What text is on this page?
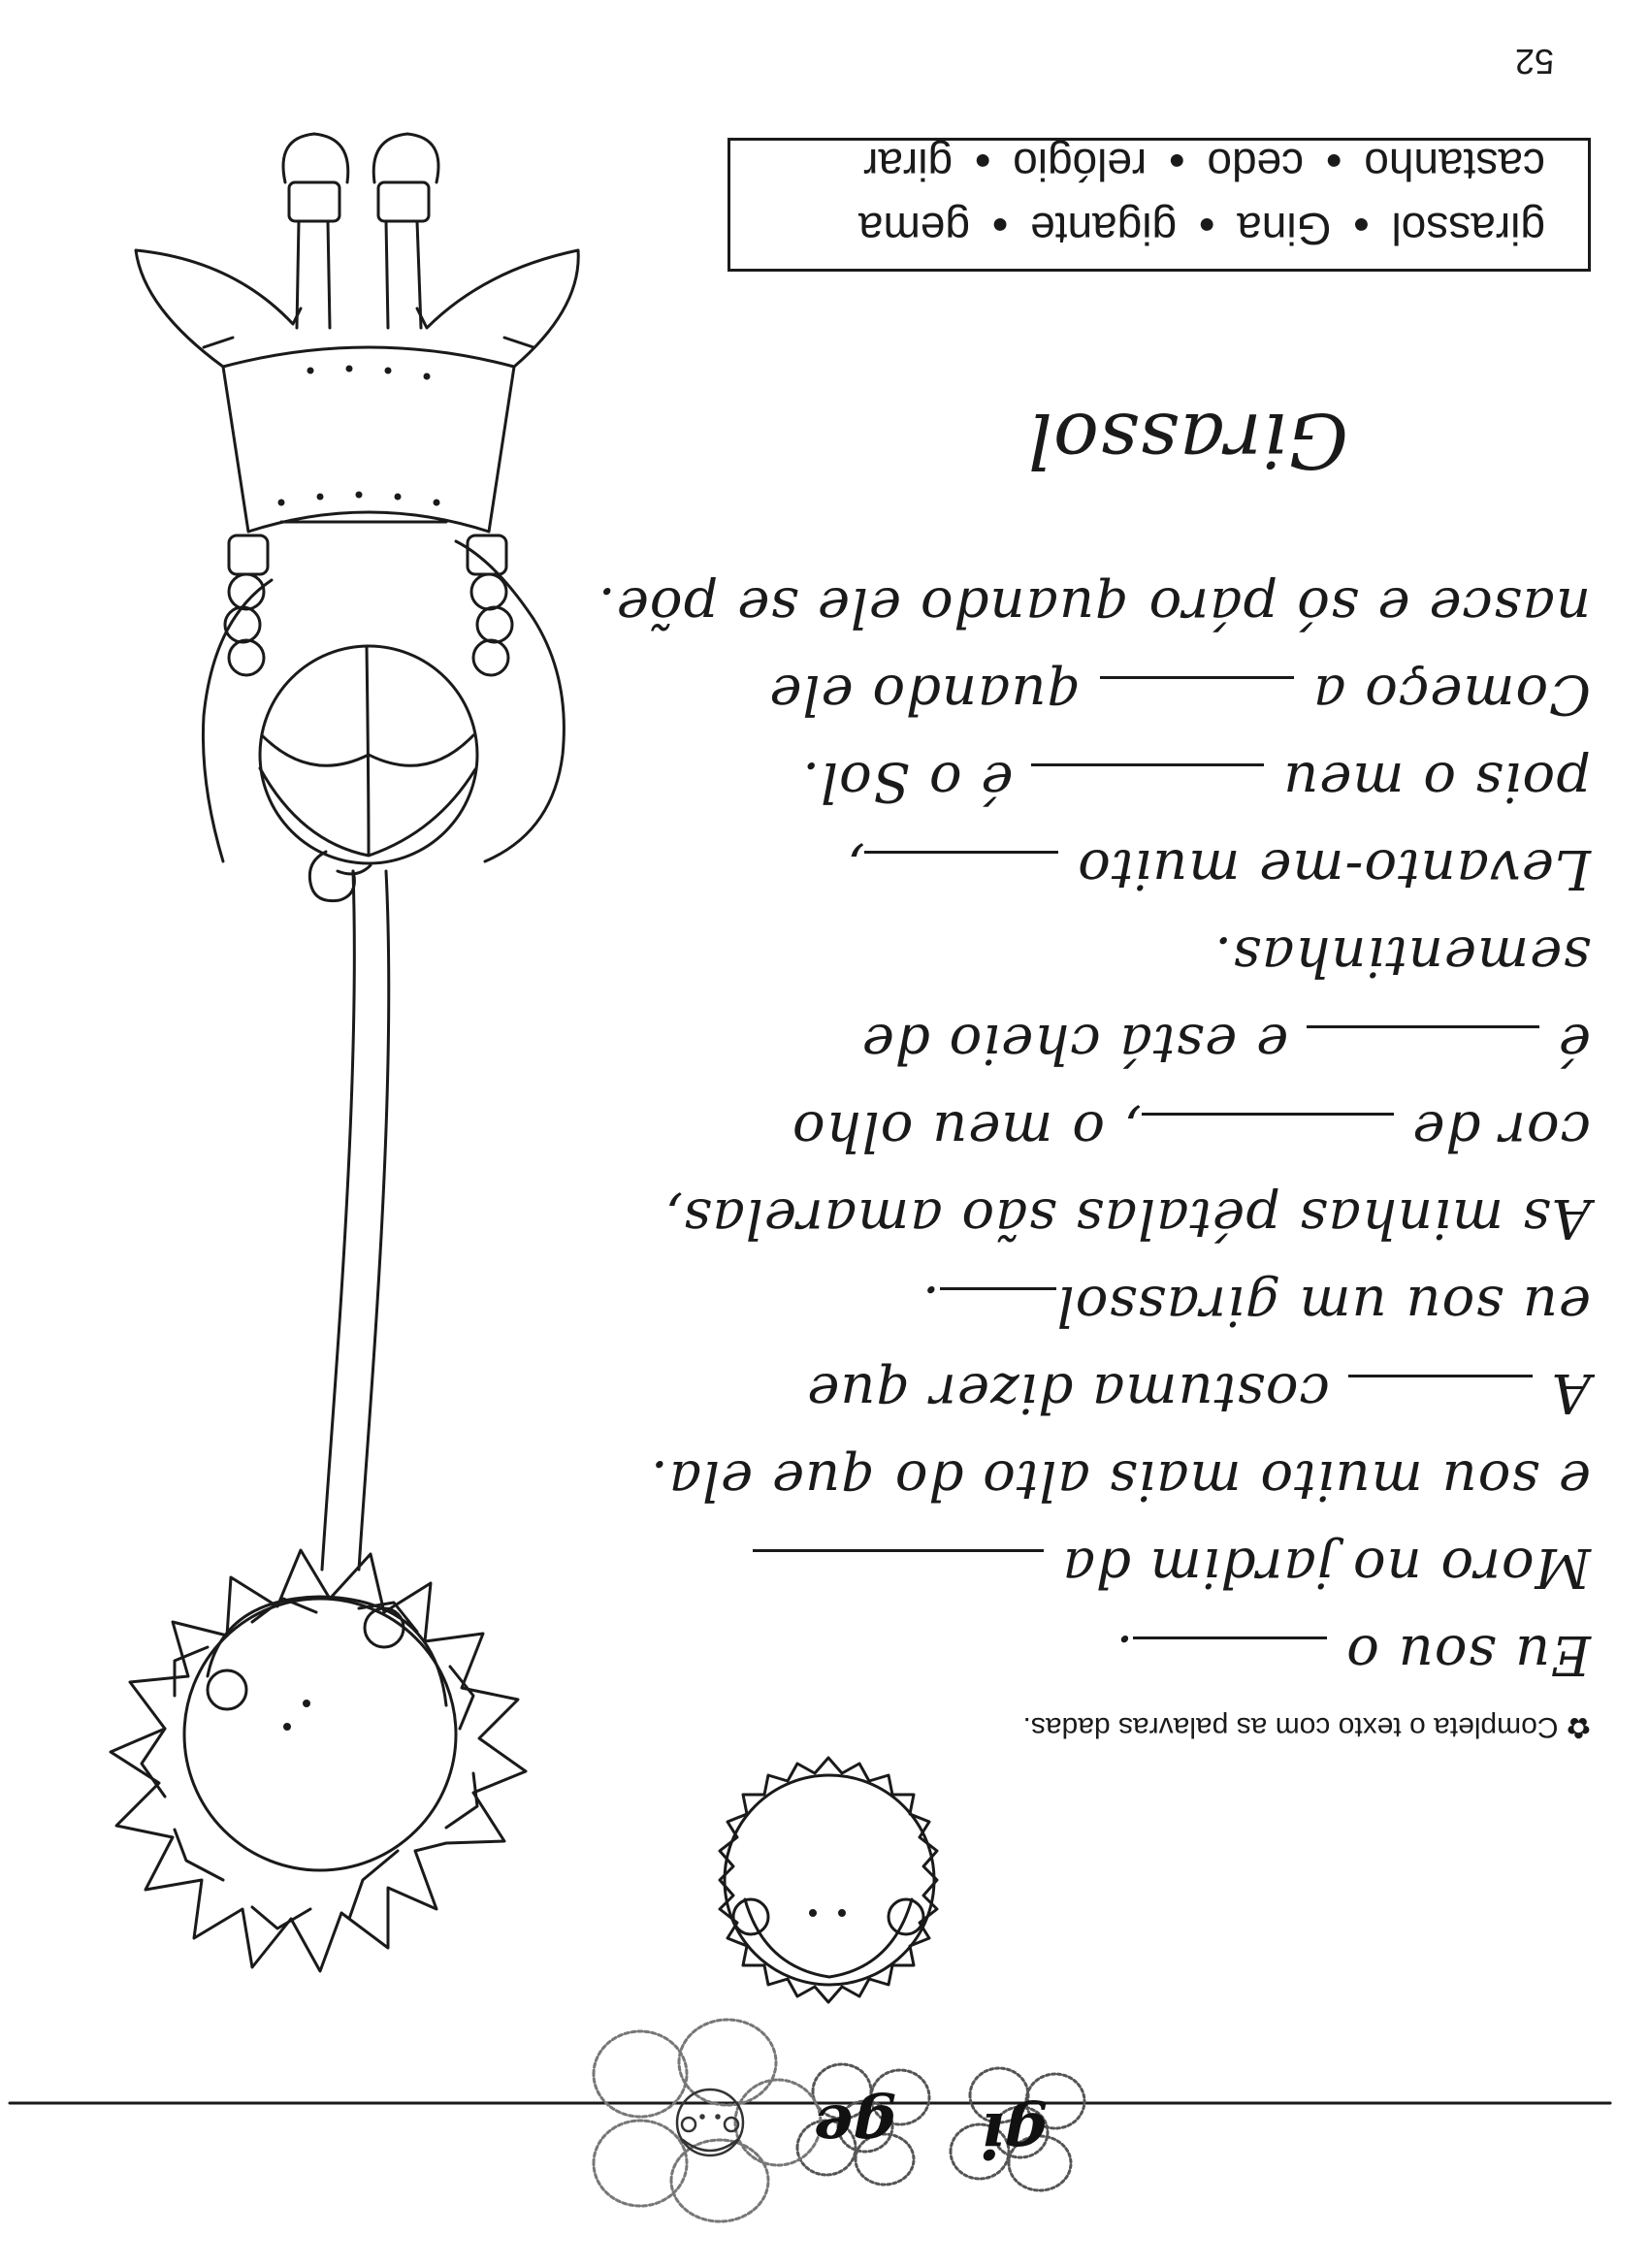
gi
ge
✿ Completa o texto com as palavras dadas.
Eu sou o .
Moro no jardim da
e sou muito mais alto do que ela.
A  costuma dizer que
eu sou um girassol.
As minhas pétalas são amarelas,
cor de , o meu olho
é  e está cheio de
sementinhas.
Levanto-me muito ,
pois o meu  é o Sol.
Começo a  quando ele
nasce e só páro quando ele se põe.
Girassol
girassol●Gina●gigante●gema
castanho●cedo●relógio●girar
52
